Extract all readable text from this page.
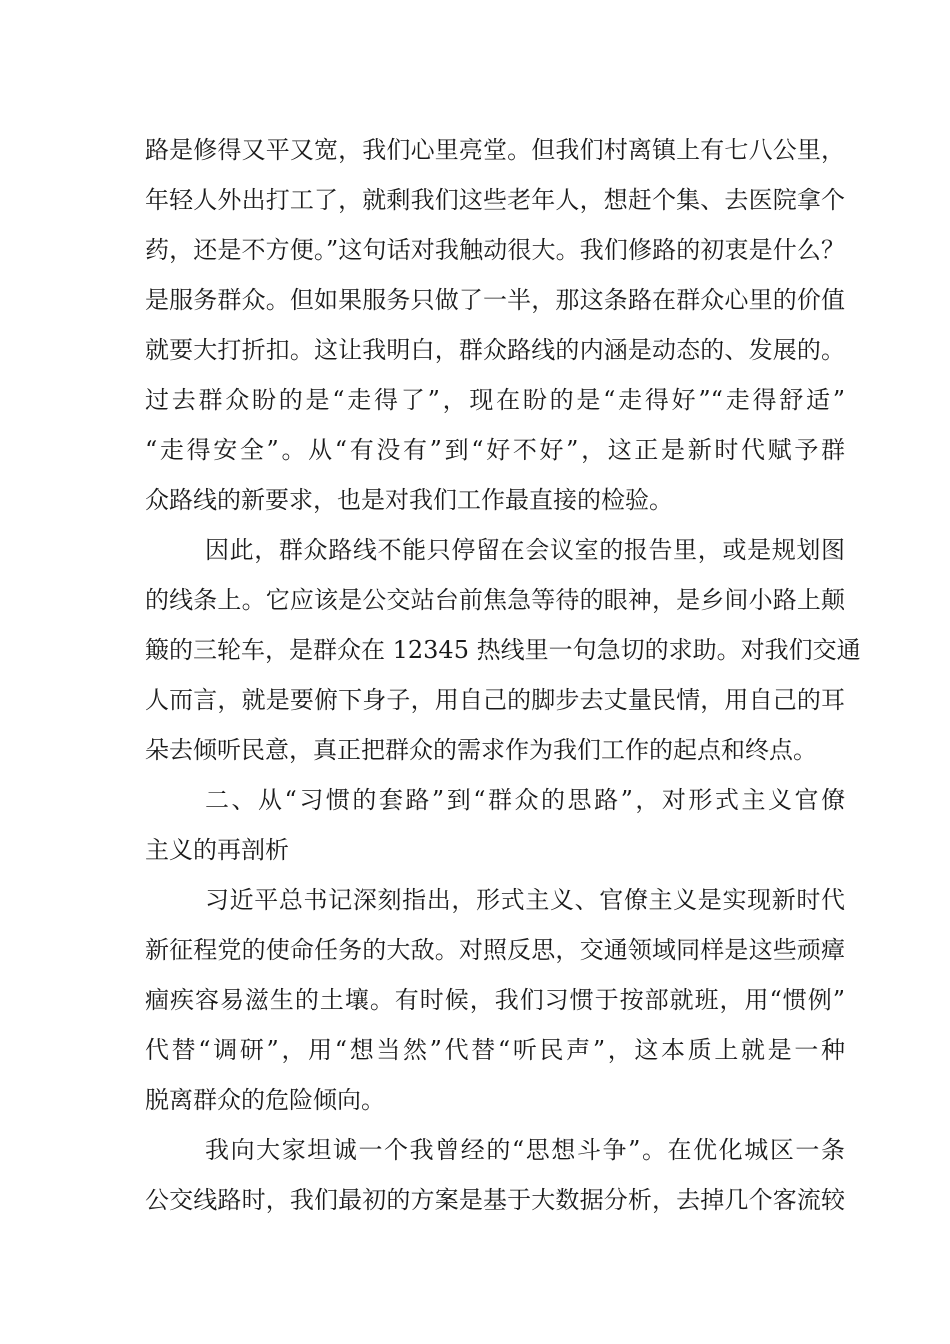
路是修得又平又宽，我们心里亮堂。但我们村离镇上有七八公里，
年轻人外出打工了，就剩我们这些老年人，想赶个集、去医院拿个
药，还是不方便。”这句话对我触动很大。我们修路的初衷是什么？
是服务群众。但如果服务只做了一半，那这条路在群众心里的价值
就要大打折扣。这让我明白，群众路线的内涵是动态的、发展的。
过去群众盼的是“走得了”，现在盼的是“走得好”“走得舒适”
“走得安全”。从“有没有”到“好不好”，这正是新时代赋予群
众路线的新要求，也是对我们工作最直接的检验。
因此，群众路线不能只停留在会议室的报告里，或是规划图
的线条上。它应该是公交站台前焦急等待的眼神，是乡间小路上颠
簸的三轮车，是群众在 12345 热线里一句急切的求助。对我们交通
人而言，就是要俯下身子，用自己的脚步去丈量民情，用自己的耳
朵去倾听民意，真正把群众的需求作为我们工作的起点和终点。
二、从“习惯的套路”到“群众的思路”，对形式主义官僚
主义的再剖析
习近平总书记深刻指出，形式主义、官僚主义是实现新时代
新征程党的使命任务的大敌。对照反思，交通领域同样是这些顽瘴
痼疾容易滋生的土壤。有时候，我们习惯于按部就班，用“惯例”
代替“调研”，用“想当然”代替“听民声”，这本质上就是一种
脱离群众的危险倾向。
我向大家坦诚一个我曾经的“思想斗争”。在优化城区一条
公交线路时，我们最初的方案是基于大数据分析，去掉几个客流较
